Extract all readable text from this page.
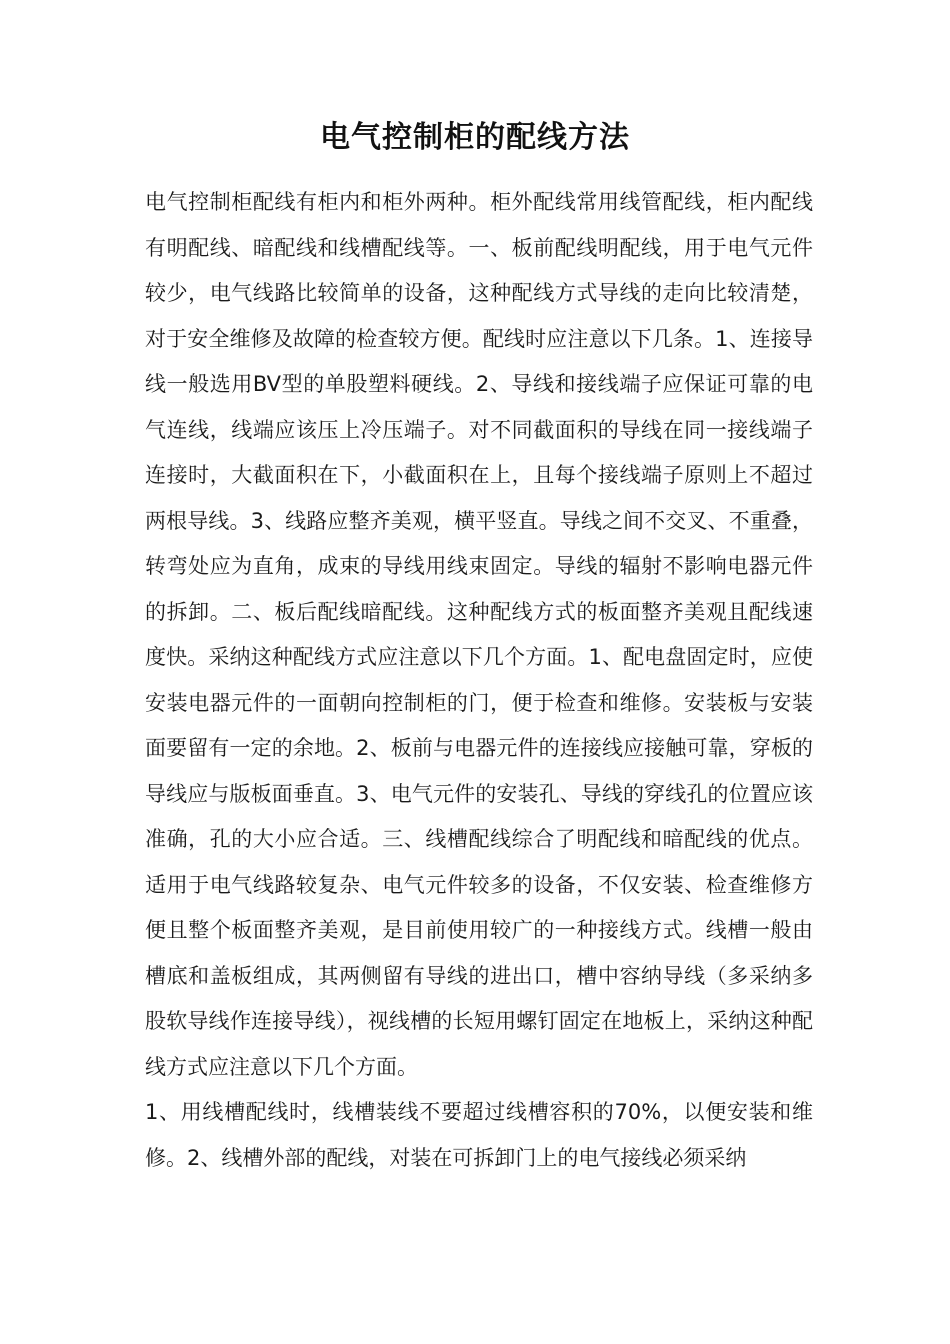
电气控制柜的配线方法

电气控制柜配线有柜内和柜外两种。柜外配线常用线管配线，柜内配线有明配线、暗配线和线槽配线等。一、板前配线明配线，用于电气元件较少，电气线路比较简单的设备，这种配线方式导线的走向比较清楚，对于安全维修及故障的检查较方便。配线时应注意以下几条。1、连接导线一般选用BV型的单股塑料硬线。2、导线和接线端子应保证可靠的电气连线，线端应该压上冷压端子。对不同截面积的导线在同一接线端子连接时，大截面积在下，小截面积在上，且每个接线端子原则上不超过两根导线。3、线路应整齐美观，横平竖直。导线之间不交叉、不重叠，转弯处应为直角，成束的导线用线束固定。导线的辐射不影响电器元件的拆卸。二、板后配线暗配线。这种配线方式的板面整齐美观且配线速度快。采纳这种配线方式应注意以下几个方面。1、配电盘固定时，应使安装电器元件的一面朝向控制柜的门，便于检查和维修。安装板与安装面要留有一定的余地。2、板前与电器元件的连接线应接触可靠，穿板的导线应与版板面垂直。3、电气元件的安装孔、导线的穿线孔的位置应该准确，孔的大小应合适。三、线槽配线综合了明配线和暗配线的优点。适用于电气线路较复杂、电气元件较多的设备，不仅安装、检查维修方便且整个板面整齐美观，是目前使用较广的一种接线方式。线槽一般由槽底和盖板组成，其两侧留有导线的进出口，槽中容纳导线（多采纳多股软导线作连接导线），视线槽的长短用螺钉固定在地板上，采纳这种配线方式应注意以下几个方面。

1、用线槽配线时，线槽装线不要超过线槽容积的70%，以便安装和维修。2、线槽外部的配线，对装在可拆卸门上的电气接线必须采纳
